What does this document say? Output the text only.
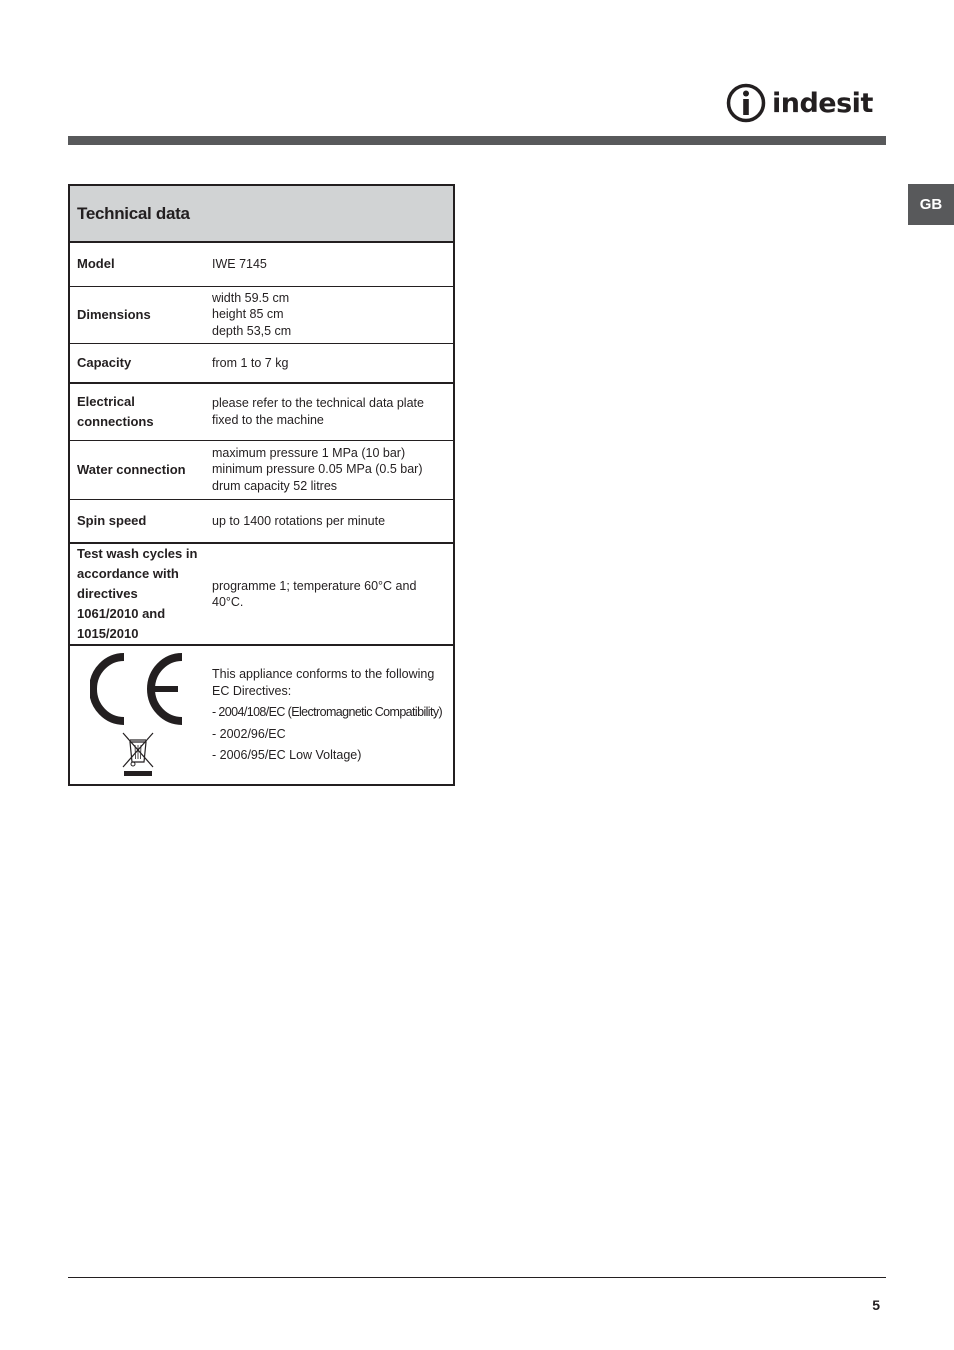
indesit
GB
Technical data	
Model	IWE 7145

Dimensions	width 59.5 cm
height 85 cm
depth 53,5 cm

Capacity	from 1 to 7 kg

Electrical connections	please refer to the technical data plate fixed to the machine

Water connection	maximum pressure 1 MPa (10 bar)
minimum pressure 0.05 MPa (0.5 bar)
drum capacity 52 litres

Spin speed	up to 1400 rotations per minute

Test wash cycles in accordance with directives 1061/2010 and 1015/2010	programme 1; temperature 60°C and 40°C.

This appliance conforms to the following EC Directives:
- 2004/108/EC (Electromagnetic Compatibility)
- 2002/96/EC
- 2006/95/EC Low Voltage)
5
